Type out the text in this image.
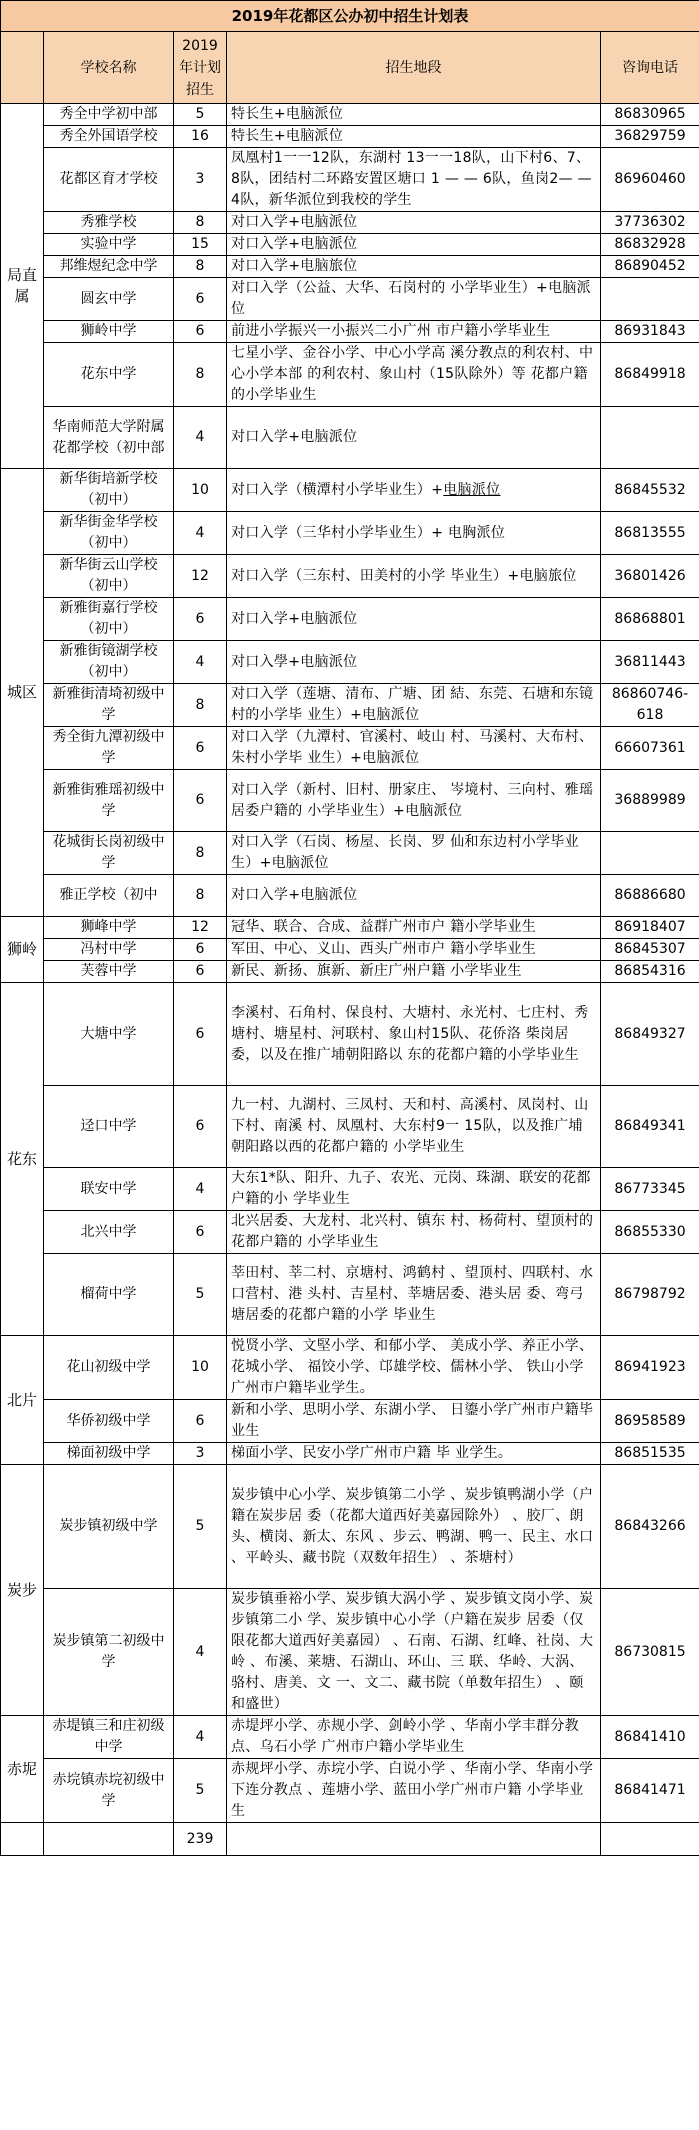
2019年花都区公办初中招生计划表				
	学校名称	2019年计划招生	招生地段	咨询电话
局直属	秀全中学初中部	5	特长生+电脑派位	86830965
	秀全外国语学校	16	特长生+电脑派位	36829759
	花都区育才学校	3	凤凰村1一一12队，东湖村 13一一18队，山下村6、7、8队，团结村二环路安置区塘口 1 — — 6队，鱼岗2— — 4队，新华派位到我校的学生	86960460
	秀雅学校	8	对口入学+电脑派位	37736302
	实验中学	15	对口入学+电脑派位	86832928
	邦维煜纪念中学	8	对口入学+电脑旅位	86890452
	圆玄中学	6	对口入学（公益、大华、石岗村的 小学毕业生）+电脑派位	
	狮岭中学	6	前进小学振兴一小振兴二小广州 市户籍小学毕业生	86931843
	花东中学	8	七星小学、金谷小学、中心小学高 溪分教点的利农村、中心小学本部 的利农村、象山村（15队除外）等 花都户籍的小学毕业生	86849918
	华南师范大学附属花都学校（初中部	4	对口入学+电脑派位	
城区	新华街培新学校（初中）	10	对口入学（横潭村小学毕业生）+电脑派位	86845532
	新华街金华学校（初中）	4	对口入学（三华村小学毕业生）+ 电胸派位	86813555
	新华街云山学校（初中）	12	对口入学（三东村、田美村的小学 毕业生）+电脑旅位	36801426
	新雅街嘉行学校（初中）	6	对口入学+电脑派位	86868801
	新雅街镜湖学校（初中）	4	对口入學+电脑派位	36811443
	新雅街清埼初级中学	8	对口入学（莲塘、清布、广塘、团 結、东莞、石塘和东镜村的小学毕 业生）+电脑派位	86860746-618
	秀全街九潭初级中学	6	对口入学（九潭村、官溪村、岐山 村、马溪村、大布村、朱村小学毕 业生）+电脑派位	66607361
	新雅街雅瑶初级中学	6	对口入学（新村、旧村、册家庄、 岑境村、三向村、雅瑶居委户籍的 小学毕业生）+电脑派位	36889989
	花城街长岗初级中学	8	对口入学（石岗、杨屋、长岗、罗 仙和东边村小学毕业生）+电脑派位	
	雅正学校（初中	8	对口入学+电脑派位	86886680
狮岭	狮峰中学	12	冠华、联合、合成、益群广州市户 籍小学毕业生	86918407
	冯村中学	6	军田、中心、义山、西头广州市户 籍小学毕业生	86845307
	芙蓉中学	6	新民、新扬、旗新、新庄广州户籍 小学毕业生	86854316
花东	大塘中学	6	李溪村、石角村、保良村、大塘村、永光村、七庄村、秀塘村、塘星村、河联村、象山村15队、花侨洛 柴岗居委，以及在推广埔朝阳路以 东的花都户籍的小学毕业生	86849327
	迳口中学	6	九一村、九湖村、三凤村、天和村、高溪村、凤岗村、山下村、南溪 村、凤凰村、大东村9一 15队，以及推广埔朝阳路以西的花都户籍的 小学毕业生	86849341
	联安中学	4	大东1*队、阳升、九子、农光、元岗、珠湖、联安的花都户籍的小 学毕业生	86773345
	北兴中学	6	北兴居委、大龙村、北兴村、镇东 村、杨荷村、望顶村的花都户籍的 小学毕业生	86855330
	榴荷中学	5	莘田村、莘二村、京塘村、鸿鹤村 、望顶村、四联村、水口营村、港 头村、吉星村、莘塘居委、港头居 委、弯弓塘居委的花都户籍的小学 毕业生	86798792
北片	花山初级中学	10	悦贤小学、文堅小学、和郁小学、 美成小学、养正小学、花城小学、 福饺小学、邙雄学校、儒林小学、 铁山小学广州市户籍毕业学生。	86941923
	华侨初级中学	6	新和小学、思明小学、东湖小学、 日鎏小学广州市户籍毕业生	86958589
	梯面初级中学	3	梯面小学、民安小学广州市户籍 毕 业学生。	86851535
炭步	炭步镇初级中学	5	炭步镇中心小学、炭步镇第二小学 、炭步镇鸭湖小学（户籍在炭步居 委（花都大道西好美嘉园除外） 、胶厂、朗头、横岗、新太、东风 、步云、鸭湖、鸭一、民主、水口 、平岭头、藏书院（双数年招生） 、茶塘村）	86843266
	炭步镇第二初级中学	4	炭步镇垂裕小学、炭步镇大涡小学 、炭步镇文岗小学、炭步镇第二小 学、炭步镇中心小学（户籍在炭步 居委（仅限花都大道西好美嘉园） 、石南、石湖、红峰、社岗、大岭 、布溪、莱塘、石湖山、环山、三 联、华岭、大涡、骆村、唐美、文 一、文二、藏书院（单数年招生） 、颐和盛世）	86730815
赤坭	赤堤镇三和庄初级中学	4	赤堤坪小学、赤规小学、剑岭小学 、华南小学丰群分教点、乌石小学 广州市户籍小学毕业生	86841410
	赤垸镇赤垸初级中学	5	赤规坪小学、赤垸小学、白说小学 、华南小学、华南小学下连分教点 、莲塘小学、蓝田小学广州市户籍 小学毕业生	86841471
		239		
